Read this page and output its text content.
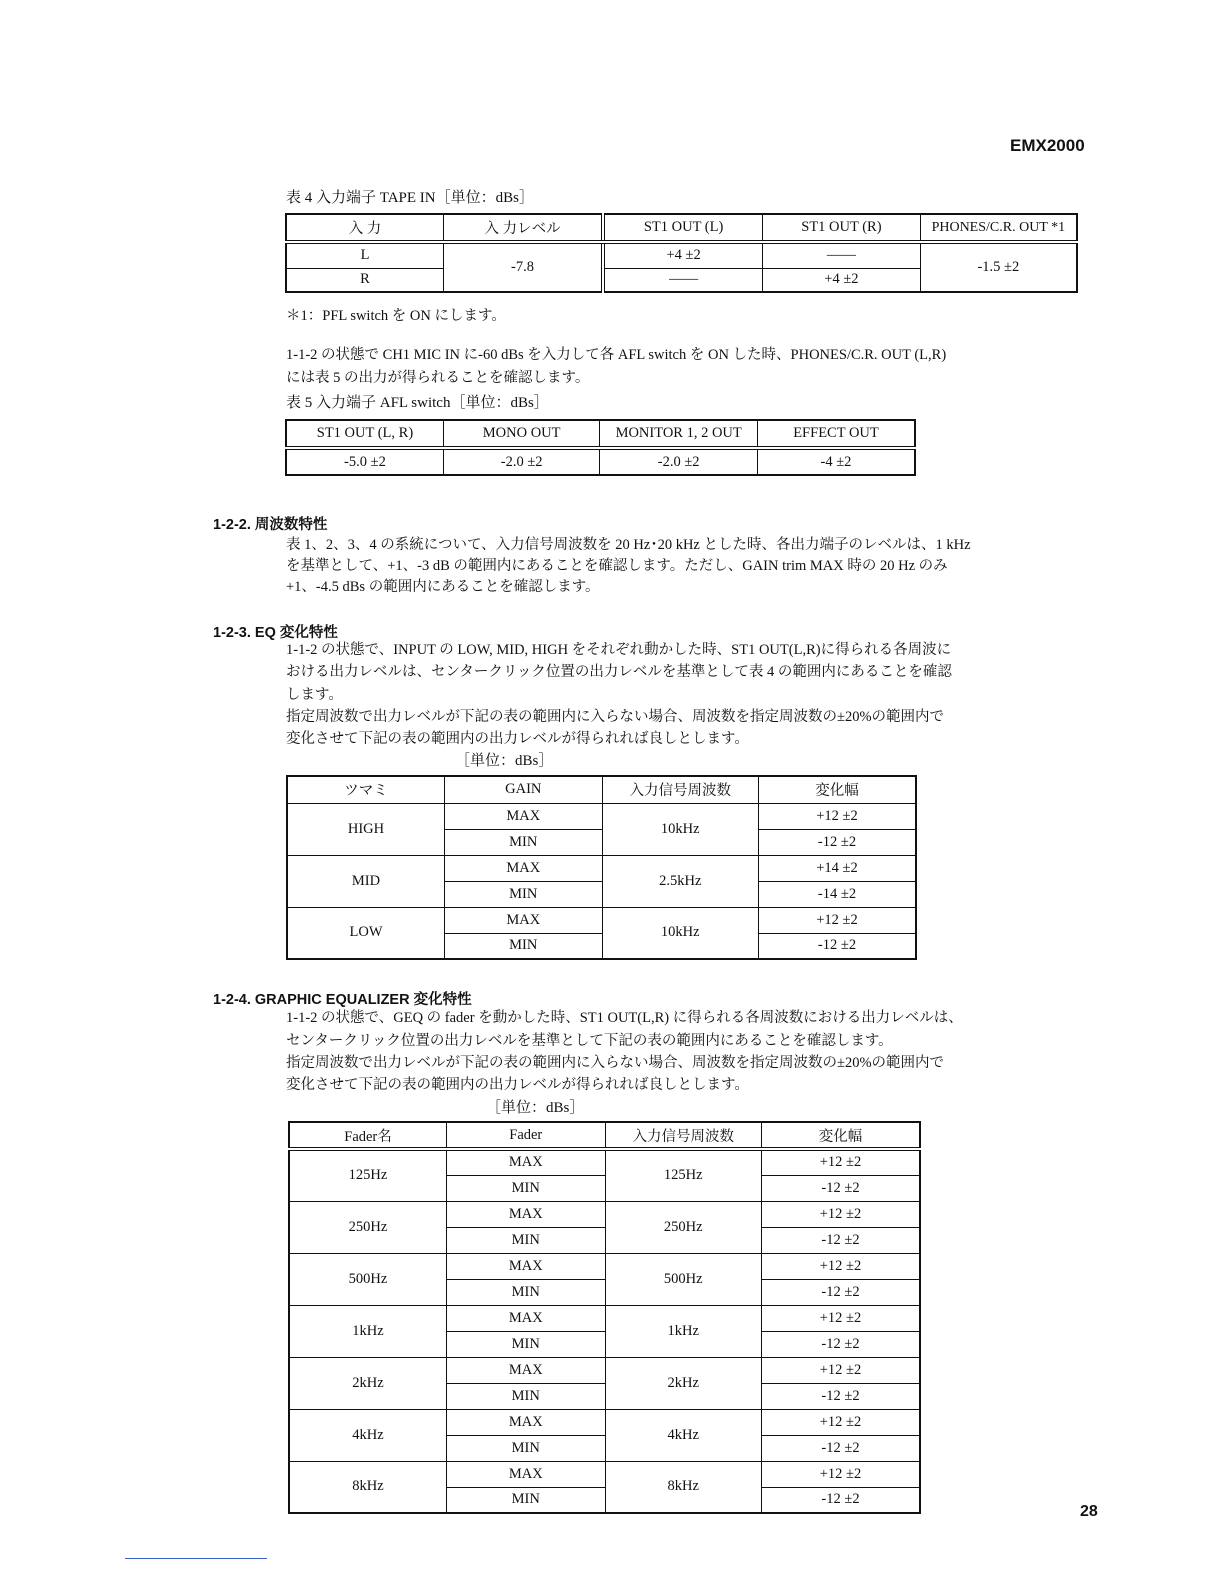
EMX2000
表 4 入力端子 TAPE IN［単位：dBs］
入 力	入 力レベル	ST1 OUT (L)	ST1 OUT (R)	PHONES/C.R. OUT *1
L	-7.8	+4 ±2	——	-1.5 ±2
R		——	+4 ±2	
＊1：PFL switch を ON にします。
1-1-2 の状態で CH1 MIC IN に-60 dBs を入力して各 AFL switch を ON した時、PHONES/C.R. OUT (L,R)
には表 5 の出力が得られることを確認します。
表 5 入力端子 AFL switch［単位：dBs］
ST1 OUT (L, R)	MONO OUT	MONITOR 1, 2 OUT	EFFECT OUT
-5.0 ±2	-2.0 ±2	-2.0 ±2	-4 ±2
1-2-2. 周波数特性
表 1、2、3、4 の系統について、入力信号周波数を 20 Hz･20 kHz とした時、各出力端子のレベルは、1 kHz
を基準として、+1、-3 dB の範囲内にあることを確認します。ただし、GAIN trim MAX 時の 20 Hz のみ
+1、-4.5 dBs の範囲内にあることを確認します。
1-2-3. EQ 変化特性
1-1-2 の状態で、INPUT の LOW, MID, HIGH をそれぞれ動かした時、ST1 OUT(L,R)に得られる各周波に
おける出力レベルは、センタークリック位置の出力レベルを基準として表 4 の範囲内にあることを確認
します。
指定周波数で出力レベルが下記の表の範囲内に入らない場合、周波数を指定周波数の±20%の範囲内で
変化させて下記の表の範囲内の出力レベルが得られれば良しとします。
［単位：dBs］
ツマミ	GAIN	入力信号周波数	変化幅
HIGH	MAX	10kHz	+12 ±2
	MIN		-12 ±2
MID	MAX	2.5kHz	+14 ±2
	MIN		-14 ±2
LOW	MAX	10kHz	+12 ±2
	MIN		-12 ±2
1-2-4. GRAPHIC EQUALIZER 変化特性
1-1-2 の状態で、GEQ の fader を動かした時、ST1 OUT(L,R) に得られる各周波数における出力レベルは、
センタークリック位置の出力レベルを基準として下記の表の範囲内にあることを確認します。
指定周波数で出力レベルが下記の表の範囲内に入らない場合、周波数を指定周波数の±20%の範囲内で
変化させて下記の表の範囲内の出力レベルが得られれば良しとします。
［単位：dBs］
Fader名	Fader	入力信号周波数	変化幅
125Hz	MAX	125Hz	+12 ±2
	MIN		-12 ±2
250Hz	MAX	250Hz	+12 ±2
	MIN		-12 ±2
500Hz	MAX	500Hz	+12 ±2
	MIN		-12 ±2
1kHz	MAX	1kHz	+12 ±2
	MIN		-12 ±2
2kHz	MAX	2kHz	+12 ±2
	MIN		-12 ±2
4kHz	MAX	4kHz	+12 ±2
	MIN		-12 ±2
8kHz	MAX	8kHz	+12 ±2
	MIN		-12 ±2
28
